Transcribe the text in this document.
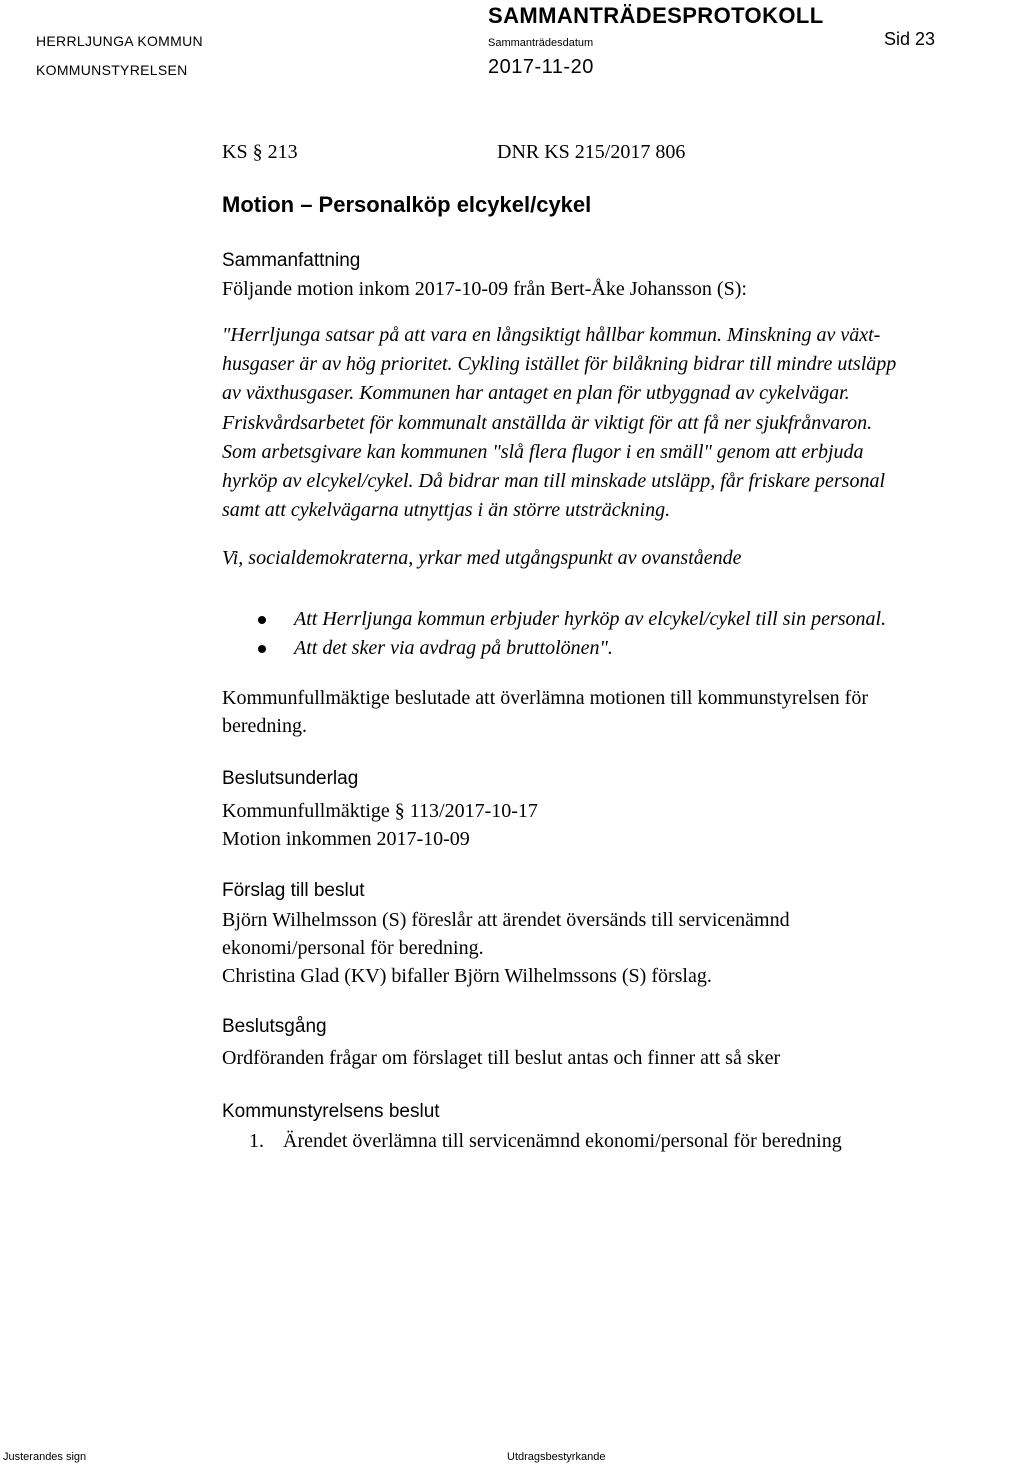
HERRLJUNGA KOMMUN
KOMMUNSTYRELSEN
SAMMANTRÄDESPROTOKOLL
Sammanträdesdatum
2017-11-20
Sid 23
KS § 213	DNR KS 215/2017 806
Motion – Personalköp elcykel/cykel
Sammanfattning
Följande motion inkom 2017-10-09 från Bert-Åke Johansson (S):

"Herrljunga satsar på att vara en långsiktigt hållbar kommun. Minskning av växt-

husgaser är av hög prioritet. Cykling istället för bilåkning bidrar till mindre utsläpp

av växthusgaser. Kommunen har antaget en plan för utbyggnad av cykelvägar.

Friskvårdsarbetet för kommunalt anställda är viktigt för att få ner sjukfrånvaron.

Som arbetsgivare kan kommunen "slå flera flugor i en smäll" genom att erbjuda

hyrköp av elcykel/cykel. Då bidrar man till minskade utsläpp, får friskare personal

samt att cykelvägarna utnyttjas i än större utsträckning.

Vi, socialdemokraterna, yrkar med utgångspunkt av ovanstående
Att Herrljunga kommun erbjuder hyrköp av elcykel/cykel till sin personal.
Att det sker via avdrag på bruttolönen".

Kommunfullmäktige beslutade att överlämna motionen till kommunstyrelsen för

beredning.

Beslutsunderlag

Kommunfullmäktige § 113/2017-10-17

Motion inkommen 2017-10-09

Förslag till beslut

Björn Wilhelmsson (S) föreslår att ärendet översänds till servicenämnd

ekonomi/personal för beredning.

Christina Glad (KV) bifaller Björn Wilhelmssons (S) förslag.

Beslutsgång
Ordföranden frågar om förslaget till beslut antas och finner att så sker
Kommunstyrelsens beslut
1. Ärendet överlämna till servicenämnd ekonomi/personal för beredning
Justerandes sign	Utdragsbestyrkande
